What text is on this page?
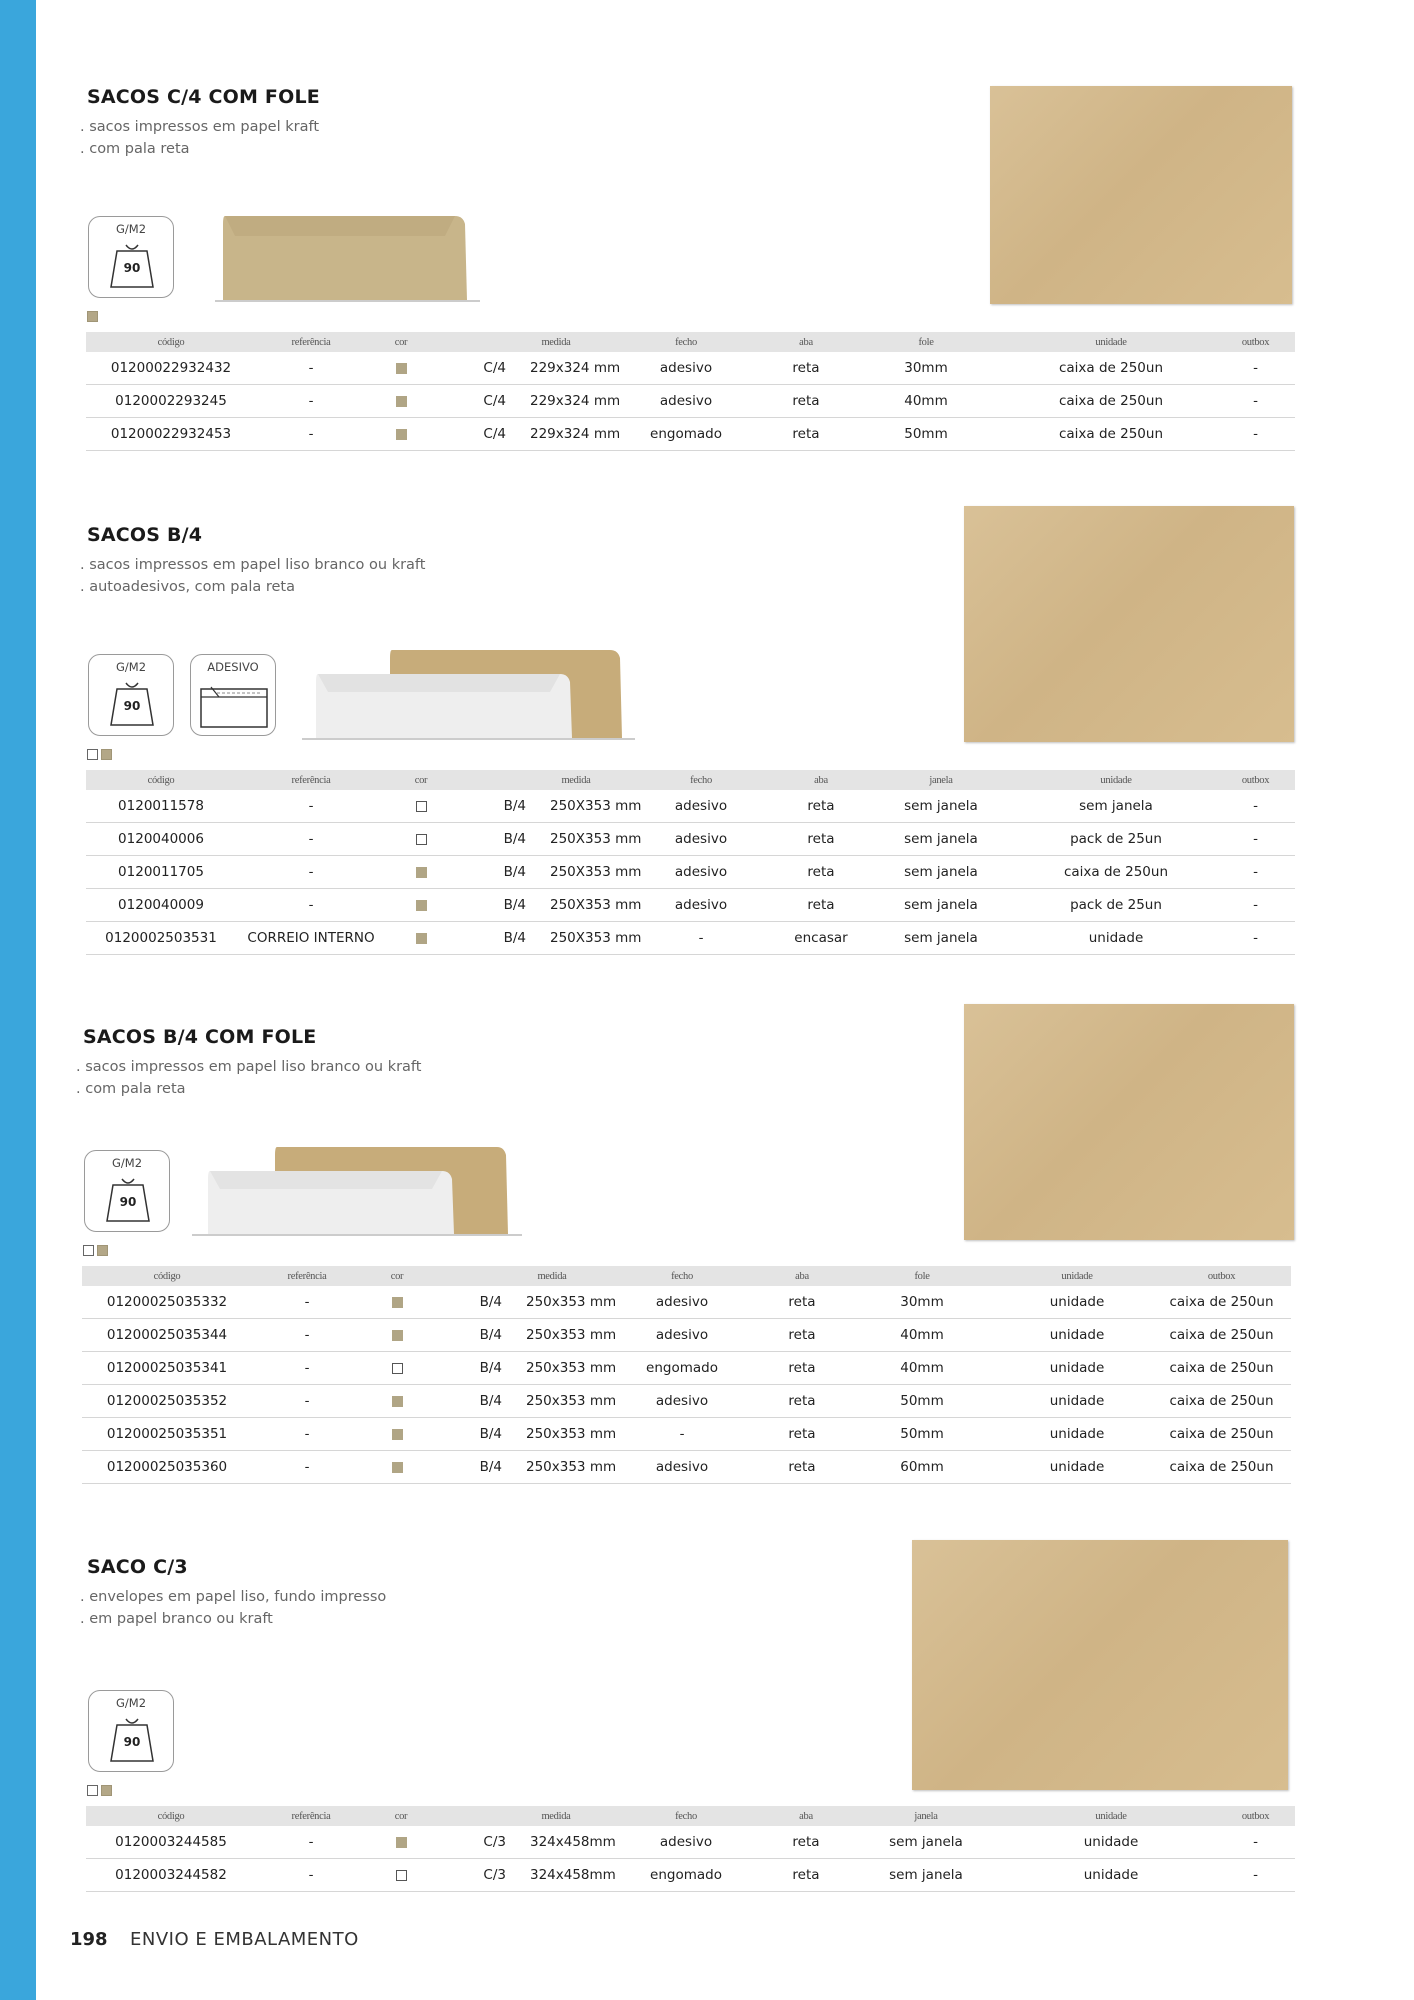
SACOS C/4 COM FOLE
. sacos impressos em papel kraft
. com pala reta
G/M2
90
código	referência	cor		medida	fecho	aba	fole	unidade	outbox
01200022932432	-		C/4	229x324 mm	adesivo	reta	30mm	caixa de 250un	-
0120002293245	-		C/4	229x324 mm	adesivo	reta	40mm	caixa de 250un	-
01200022932453	-		C/4	229x324 mm	engomado	reta	50mm	caixa de 250un	-
SACOS B/4
. sacos impressos em papel liso branco ou kraft
. autoadesivos, com pala reta
G/M2
90
ADESIVO
código	referência	cor		medida	fecho	aba	janela	unidade	outbox
0120011578	-		B/4	250X353 mm	adesivo	reta	sem janela	sem janela	-
0120040006	-		B/4	250X353 mm	adesivo	reta	sem janela	pack de 25un	-
0120011705	-		B/4	250X353 mm	adesivo	reta	sem janela	caixa de 250un	-
0120040009	-		B/4	250X353 mm	adesivo	reta	sem janela	pack de 25un	-
0120002503531	CORREIO INTERNO		B/4	250X353 mm	-	encasar	sem janela	unidade	-
SACOS B/4 COM FOLE
. sacos impressos em papel liso branco ou kraft
. com pala reta
G/M2
90
código	referência	cor		medida	fecho	aba	fole	unidade	outbox
01200025035332	-		B/4	250x353 mm	adesivo	reta	30mm	unidade	caixa de 250un
01200025035344	-		B/4	250x353 mm	adesivo	reta	40mm	unidade	caixa de 250un
01200025035341	-		B/4	250x353 mm	engomado	reta	40mm	unidade	caixa de 250un
01200025035352	-		B/4	250x353 mm	adesivo	reta	50mm	unidade	caixa de 250un
01200025035351	-		B/4	250x353 mm	-	reta	50mm	unidade	caixa de 250un
01200025035360	-		B/4	250x353 mm	adesivo	reta	60mm	unidade	caixa de 250un
SACO C/3
. envelopes em papel liso, fundo impresso
. em papel branco ou kraft
G/M2
90
código	referência	cor		medida	fecho	aba	janela	unidade	outbox
0120003244585	-		C/3	324x458mm	adesivo	reta	sem janela	unidade	-
0120003244582	-		C/3	324x458mm	engomado	reta	sem janela	unidade	-
198 ENVIO E EMBALAMENTO
